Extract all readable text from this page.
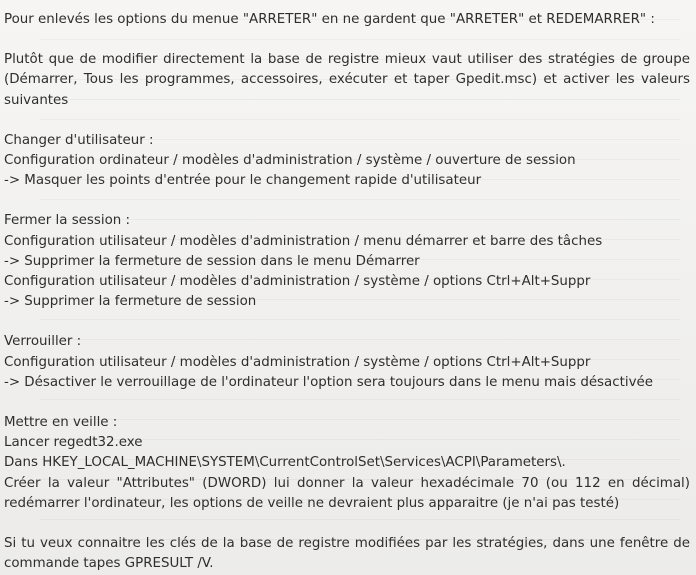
Pour enlevés les options du menue "ARRETER" en ne gardent que "ARRETER" et REDEMARRER" :

Plutôt que de modifier directement la base de registre mieux vaut utiliser des stratégies de groupe (Démarrer, Tous les programmes, accessoires, exécuter et taper Gpedit.msc) et activer les valeurs suivantes

Changer d'utilisateur :

Configuration ordinateur / modèles d'administration / système / ouverture de session

-> Masquer les points d'entrée pour le changement rapide d'utilisateur

Fermer la session :

Configuration utilisateur / modèles d'administration / menu démarrer et barre des tâches

-> Supprimer la fermeture de session dans le menu Démarrer

Configuration utilisateur / modèles d'administration / système / options Ctrl+Alt+Suppr

-> Supprimer la fermeture de session

Verrouiller :

Configuration utilisateur / modèles d'administration / système / options Ctrl+Alt+Suppr

-> Désactiver le verrouillage de l'ordinateur l'option sera toujours dans le menu mais désactivée

Mettre en veille :

Lancer regedt32.exe

Dans HKEY_LOCAL_MACHINE\SYSTEM\CurrentControlSet\Services\ACPI\Parameters\.

Créer la valeur "Attributes" (DWORD) lui donner la valeur hexadécimale 70 (ou 112 en décimal) redémarrer l'ordinateur, les options de veille ne devraient plus apparaitre (je n'ai pas testé)

Si tu veux connaitre les clés de la base de registre modifiées par les stratégies, dans une fenêtre de commande tapes GPRESULT /V.
